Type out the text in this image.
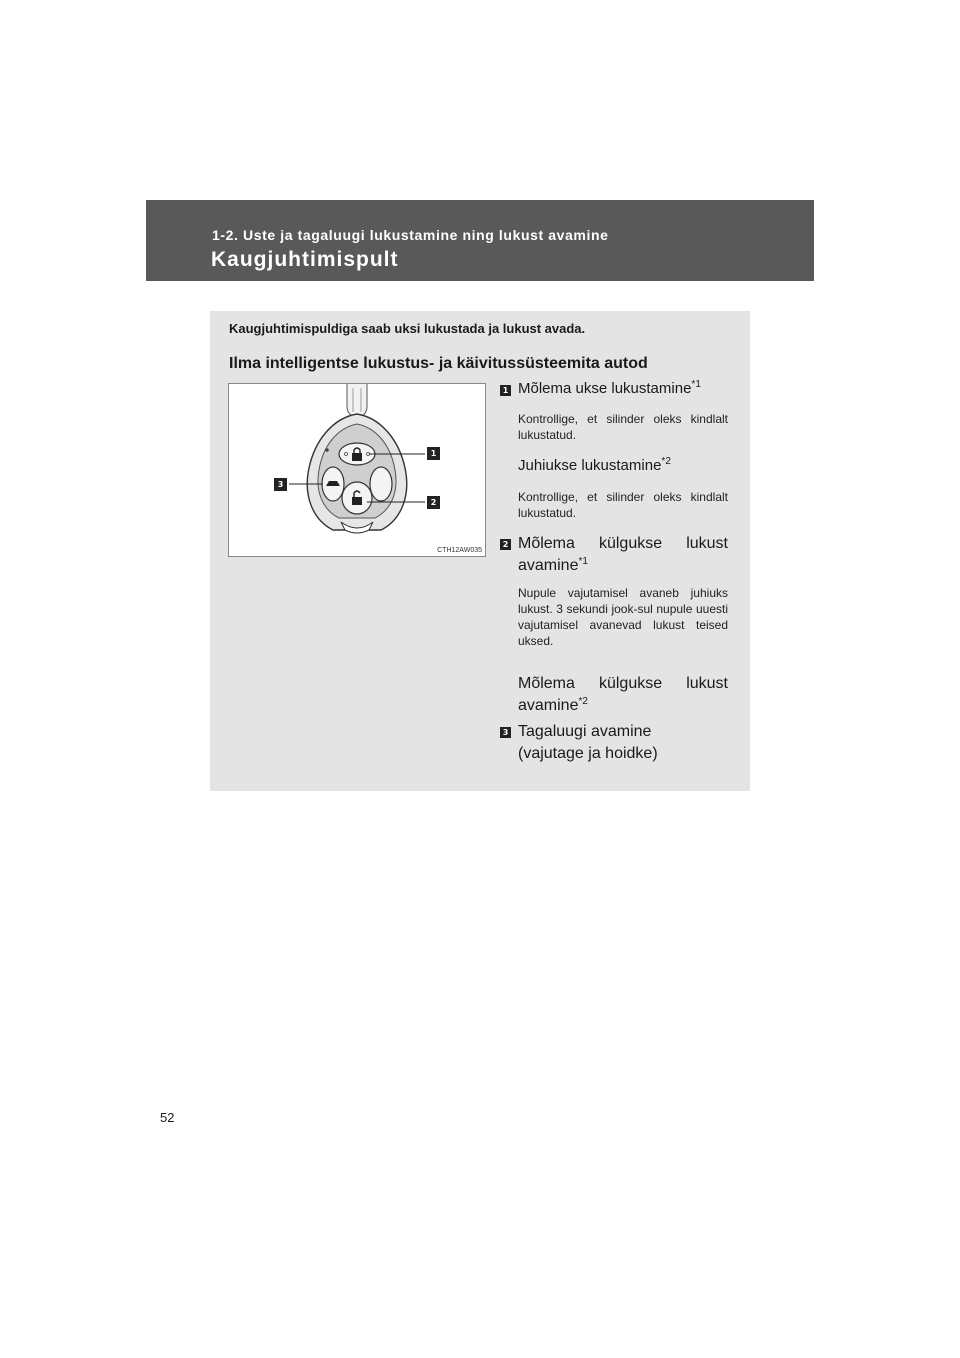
1-2. Uste ja tagaluugi lukustamine ning lukust avamine
Kaugjuhtimispult
Kaugjuhtimispuldiga saab uksi lukustada ja lukust avada.
Ilma intelligentse lukustus- ja käivitussüsteemita autod
1
2
3
CTH12AW035
1 Mõlema ukse lukustamine$^{*1}$
Kontrollige, et silinder oleks kindlalt lukustatud.
Juhiukse lukustamine$^{*2}$
Kontrollige, et silinder oleks kindlalt lukustatud.
2 Mõlema külgukse lukust avamine$^{*1}$
Nupule vajutamisel avaneb juhiuks lukust. 3 sekundi jook-sul nupule uuesti vajutamisel avanevad lukust teised uksed.
Mõlema külgukse lukust avamine$^{*2}$
3 Tagaluugi avamine (vajutage ja hoidke)
52
